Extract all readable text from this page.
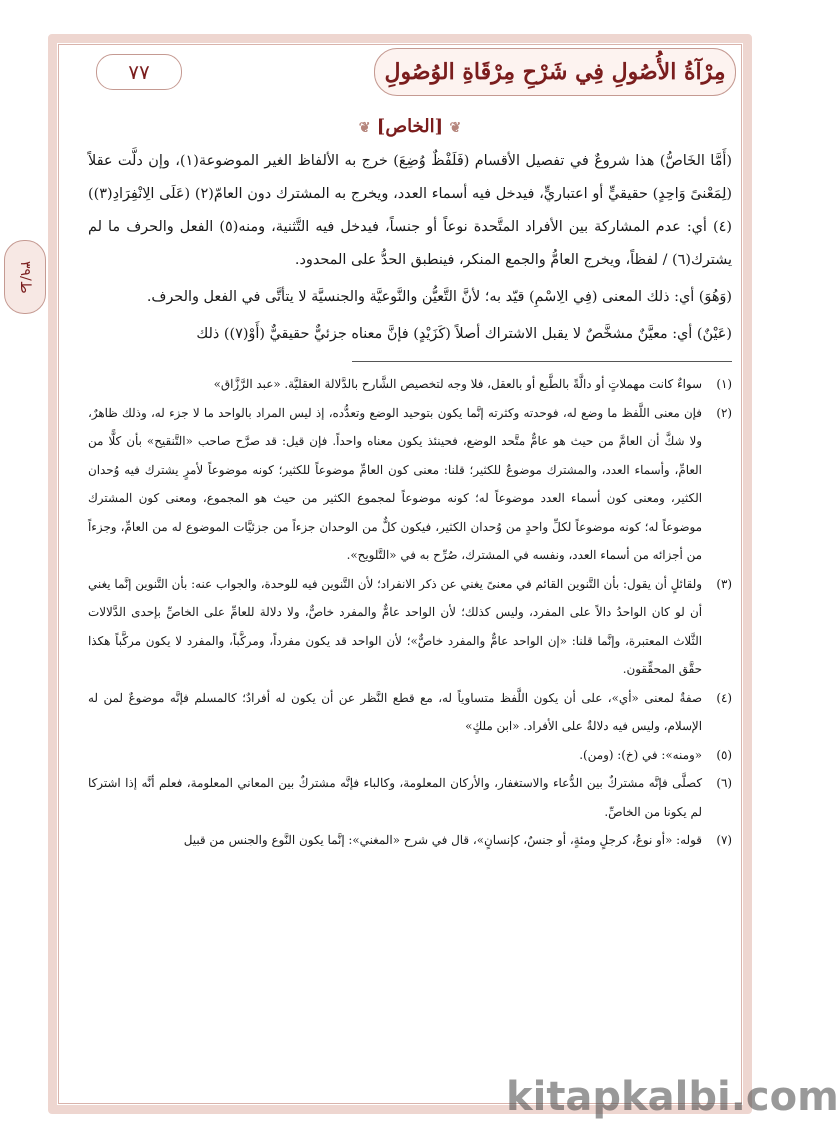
٧٧	مِرْآةُ الأُصُولِ فِي شَرْحِ مِرْقَاةِ الوُصُولِ
ط/٣٩
❦ [الخاص] ❦

(أَمَّا الخَاصُّ) هذا شروعٌ في تفصيل الأقسام (فَلَفْظٌ وُضِعَ) خرج به الألفاظ الغير الموضوعة(١)، وإن دلَّت عقلاً (لِمَعْنىً وَاحِدٍ) حقيقيٍّ أو اعتباريٍّ، فيدخل فيه أسماء العدد، ويخرج به المشترك دون العامّ(٢) (عَلَى الِانْفِرَادِ(٣)) (٤) أي: عدم المشاركة بين الأفراد المتَّحدة نوعاً أو جنساً، فيدخل فيه التَّثنية، ومنه(٥) الفعل والحرف ما لم يشترك(٦) / لفظاً، ويخرج العامُّ والجمع المنكر، فينطبق الحدُّ على المحدود.

(وَهُوَ) أي: ذلك المعنى (فِي الِاسْمِ) قيّد به؛ لأنَّ التَّعيُّن والنَّوعيَّة والجنسيَّة لا يتأتَّى في الفعل والحرف.

(عَيْنٌ) أي: معيَّنٌ مشخَّصٌ لا يقبل الاشتراك أصلاً (كَزَيْدٍ) فإنَّ معناه جزئيٌّ حقيقيٌّ (أَوْ(٧)) ذلك

(١)
سواءٌ كانت مهملاتٍ أو دالَّةً بالطَّبع أو بالعقل، فلا وجه لتخصيص الشَّارح بالدَّلالة العقليَّة. «عبد الرَّزَّاق»
(٢)
فإن معنى اللَّفظ ما وضع له، فوحدته وكثرته إنَّما يكون بتوحيد الوضع وتعدُّده، إذ ليس المراد بالواحد ما لا جزء له، وذلك ظاهرٌ، ولا شكَّ أن العامَّ من حيث هو عامٌّ متَّحد الوضع، فحينئذ يكون معناه واحداً. فإن قيل: قد صرَّح صاحب «التَّنقيح» بأن كلًّا من العامِّ، وأسماء العدد، والمشترك موضوعٌ للكثير؛ قلنا: معنى كون العامِّ موضوعاً للكثير؛ كونه موضوعاً لأمرٍ يشترك فيه وُحدان الكثير، ومعنى كون أسماء العدد موضوعاً له؛ كونه موضوعاً لمجموع الكثير من حيث هو المجموع، ومعنى كون المشترك موضوعاً له؛ كونه موضوعاً لكلِّ واحدٍ من وُحدان الكثير، فيكون كلٌّ من الوحدان جزءاً من جزئيَّات الموضوع له من العامِّ، وجزءاً من أجزائه من أسماء العدد، ونفسه في المشترك، صُرِّح به في «التَّلويح».
(٣)
ولقائلٍ أن يقول: بأن التَّنوين القائم في معنىً يغني عن ذكر الانفراد؛ لأن التَّنوين فيه للوحدة، والجواب عنه: بأن التَّنوين إنَّما يغني أن لو كان الواحدُ دالاً على المفرد، وليس كذلك؛ لأن الواحد عامٌّ والمفرد خاصٌّ، ولا دلالة للعامِّ على الخاصِّ بإحدى الدَّلالات الثَّلاث المعتبرة، وإنَّما قلنا: «إن الواحد عامٌّ والمفرد خاصٌّ»؛ لأن الواحد قد يكون مفرداً، ومركَّباً، والمفرد لا يكون مركَّباً هكذا حقَّق المحقِّقون.
(٤)
صفةٌ لمعنى «أي»، على أن يكون اللَّفظ متساوياً له، مع قطع النَّظر عن أن يكون له أفرادٌ؛ كالمسلم فإنَّه موضوعٌ لمن له الإسلام، وليس فيه دلالةٌ على الأفراد. «ابن ملكٍ»
(٥)
«ومنه»: في (خ): (ومن).
(٦)
كصلَّى فإنَّه مشتركٌ بين الدُّعاء والاستغفار، والأركان المعلومة، وكالباء فإنَّه مشتركٌ بين المعاني المعلومة، فعلم أنَّه إذا اشتركا لم يكونا من الخاصِّ.
(٧)
قوله: «أو نوعٌ، كرجلٍ ومئةٍ، أو جنسٌ، كإنسانٍ»، قال في شرح «المغني»: إنَّما يكون النَّوع والجنس من قبيل
kitapkalbi.com
